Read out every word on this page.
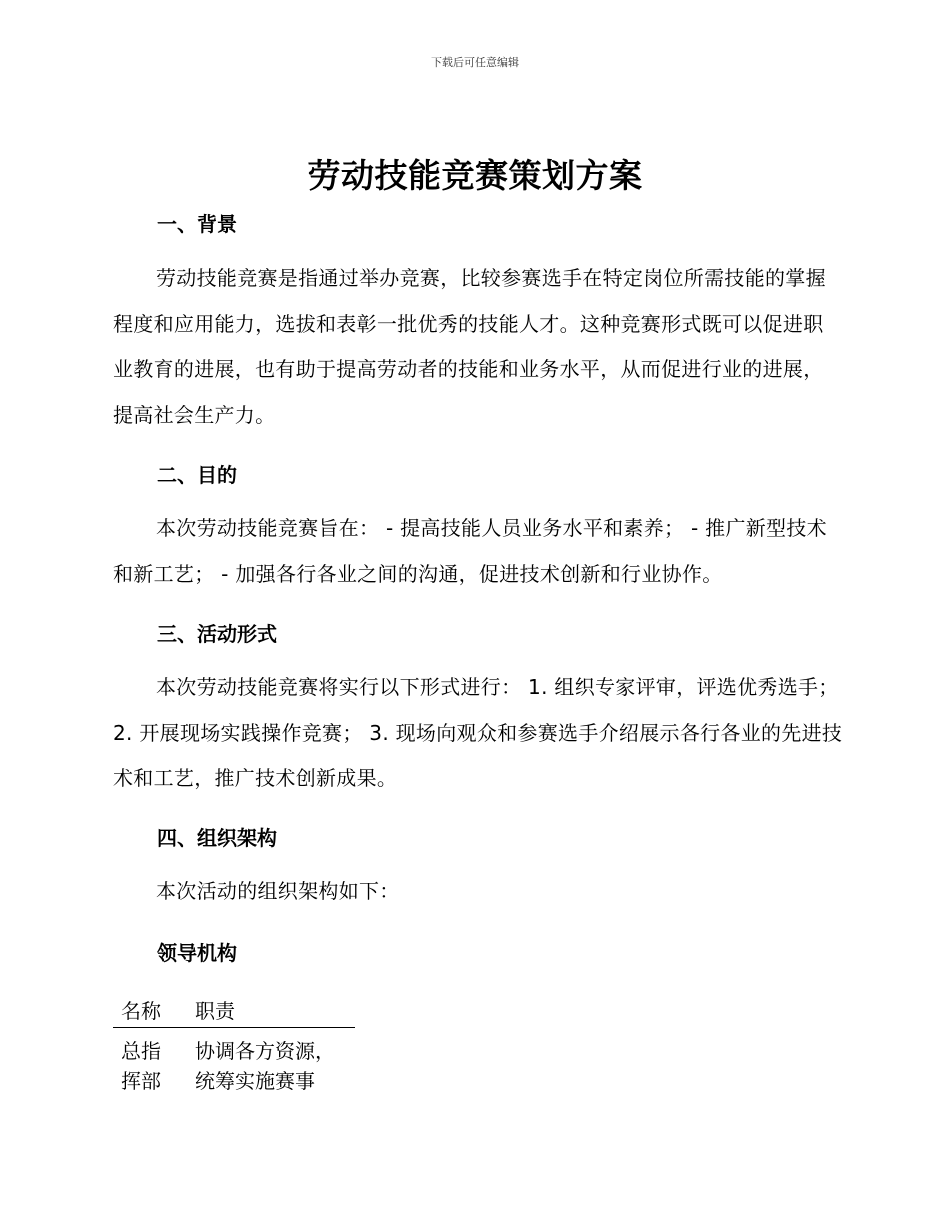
下载后可任意编辑
劳动技能竞赛策划方案
一、背景

劳动技能竞赛是指通过举办竞赛，比较参赛选手在特定岗位所需技能的掌握程度和应用能力，选拔和表彰一批优秀的技能人才。这种竞赛形式既可以促进职业教育的进展，也有助于提高劳动者的技能和业务水平，从而促进行业的进展，提高社会生产力。

二、目的

本次劳动技能竞赛旨在： - 提高技能人员业务水平和素养； - 推广新型技术和新工艺； - 加强各行各业之间的沟通，促进技术创新和行业协作。

三、活动形式

本次劳动技能竞赛将实行以下形式进行： 1. 组织专家评审，评选优秀选手； 2. 开展现场实践操作竞赛； 3. 现场向观众和参赛选手介绍展示各行各业的先进技术和工艺，推广技术创新成果。

四、组织架构

本次活动的组织架构如下：

领导机构
名称	职责

总指
挥部	协调各方资源，
统筹实施赛事
